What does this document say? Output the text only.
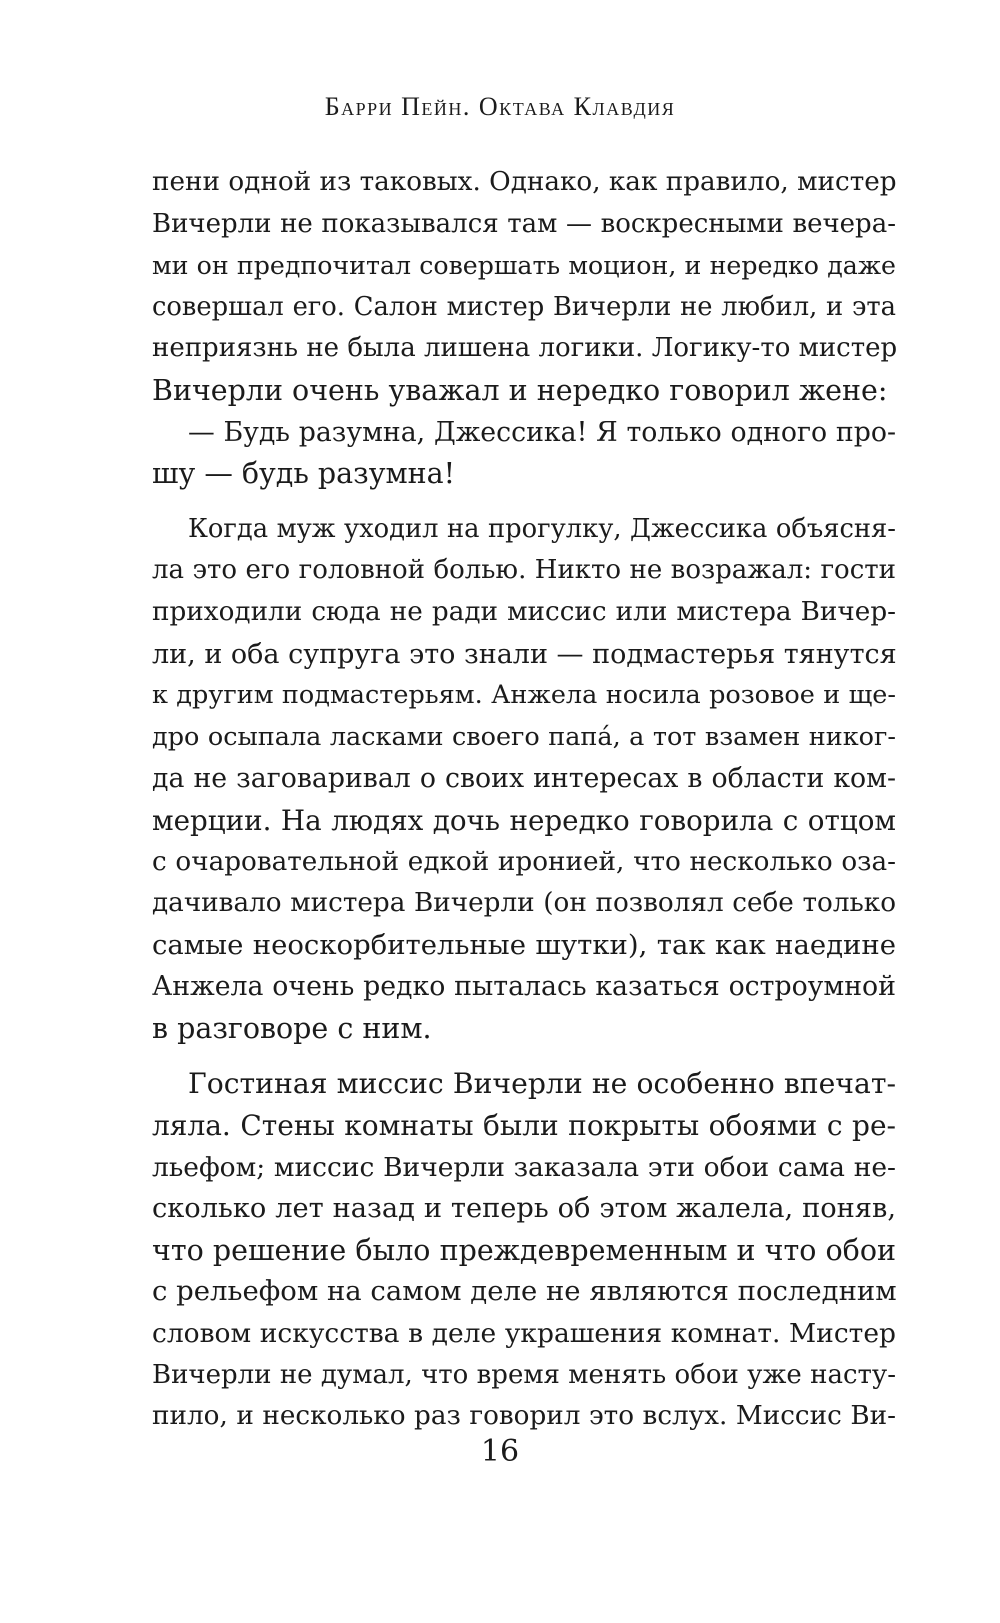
Барри Пейн. Октава Клавдия
пени одной из таковых. Однако, как правило, мистер
Вичерли не показывался там — воскресными вечера-
ми он предпочитал совершать моцион, и нередко даже
совершал его. Салон мистер Вичерли не любил, и эта
неприязнь не была лишена логики. Логику-то мистер
Вичерли очень уважал и нередко говорил жене:
— Будь разумна, Джессика! Я только одного про-
шу — будь разумна!
Когда муж уходил на прогулку, Джессика объясня-
ла это его головной болью. Никто не возражал: гости
приходили сюда не ради миссис или мистера Вичер-
ли, и оба супруга это знали — подмастерья тянутся
к другим подмастерьям. Анжела носила розовое и ще-
дро осыпала ласками своего папа́, а тот взамен никог-
да не заговаривал о своих интересах в области ком-
мерции. На людях дочь нередко говорила с отцом
с очаровательной едкой иронией, что несколько оза-
дачивало мистера Вичерли (он позволял себе только
самые неоскорбительные шутки), так как наедине
Анжела очень редко пыталась казаться остроумной
в разговоре с ним.
Гостиная миссис Вичерли не особенно впечат-
ляла. Стены комнаты были покрыты обоями с ре-
льефом; миссис Вичерли заказала эти обои сама не-
сколько лет назад и теперь об этом жалела, поняв,
что решение было преждевременным и что обои
с рельефом на самом деле не являются последним
словом искусства в деле украшения комнат. Мистер
Вичерли не думал, что время менять обои уже насту-
пило, и несколько раз говорил это вслух. Миссис Ви-
16
